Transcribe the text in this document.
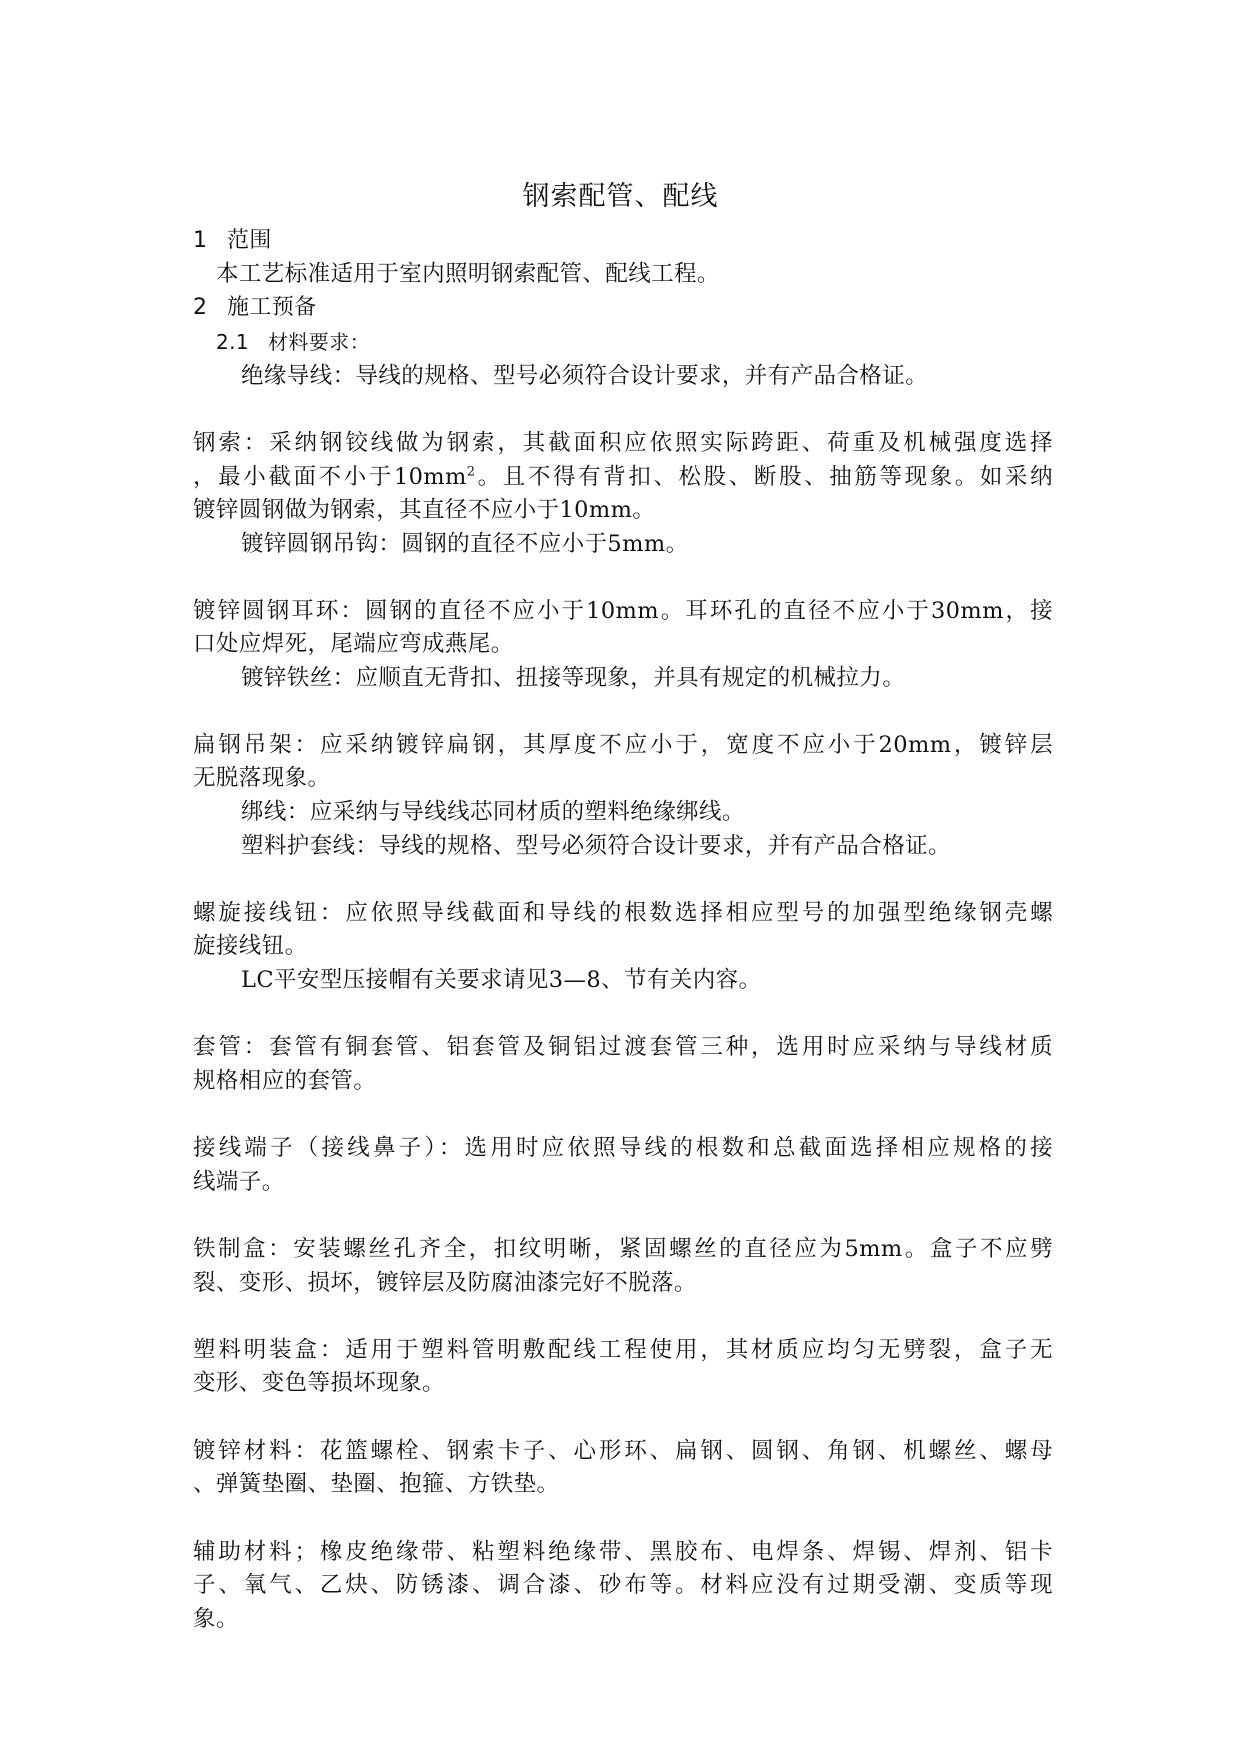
钢索配管、配线
1 范围
本工艺标准适用于室内照明钢索配管、配线工程。
2 施工预备
2.1 材料要求：
绝缘导线：导线的规格、型号必须符合设计要求，并有产品合格证。
钢索：采纳钢铰线做为钢索，其截面积应依照实际跨距、荷重及机械强度选择
，最小截面不小于$10mm^2$。且不得有背扣、松股、断股、抽筋等现象。如采纳
镀锌圆钢做为钢索，其直径不应小于10mm。
镀锌圆钢吊钩：圆钢的直径不应小于5mm。
镀锌圆钢耳环：圆钢的直径不应小于10mm。耳环孔的直径不应小于30mm，接
口处应焊死，尾端应弯成燕尾。
镀锌铁丝：应顺直无背扣、扭接等现象，并具有规定的机械拉力。
扁钢吊架：应采纳镀锌扁钢，其厚度不应小于，宽度不应小于20mm，镀锌层
无脱落现象。
绑线：应采纳与导线线芯同材质的塑料绝缘绑线。
塑料护套线：导线的规格、型号必须符合设计要求，并有产品合格证。
螺旋接线钮：应依照导线截面和导线的根数选择相应型号的加强型绝缘钢壳螺
旋接线钮。
LC平安型压接帽有关要求请见3—8、节有关内容。
套管：套管有铜套管、铝套管及铜铝过渡套管三种，选用时应采纳与导线材质
规格相应的套管。
接线端子（接线鼻子）：选用时应依照导线的根数和总截面选择相应规格的接
线端子。
铁制盒：安装螺丝孔齐全，扣纹明晰，紧固螺丝的直径应为5mm。盒子不应劈
裂、变形、损坏，镀锌层及防腐油漆完好不脱落。
塑料明装盒：适用于塑料管明敷配线工程使用，其材质应均匀无劈裂，盒子无
变形、变色等损坏现象。
镀锌材料：花篮螺栓、钢索卡子、心形环、扁钢、圆钢、角钢、机螺丝、螺母
、弹簧垫圈、垫圈、抱箍、方铁垫。
辅助材料；橡皮绝缘带、粘塑料绝缘带、黑胶布、电焊条、焊锡、焊剂、铝卡
子、氧气、乙炔、防锈漆、调合漆、砂布等。材料应没有过期受潮、变质等现
象。
